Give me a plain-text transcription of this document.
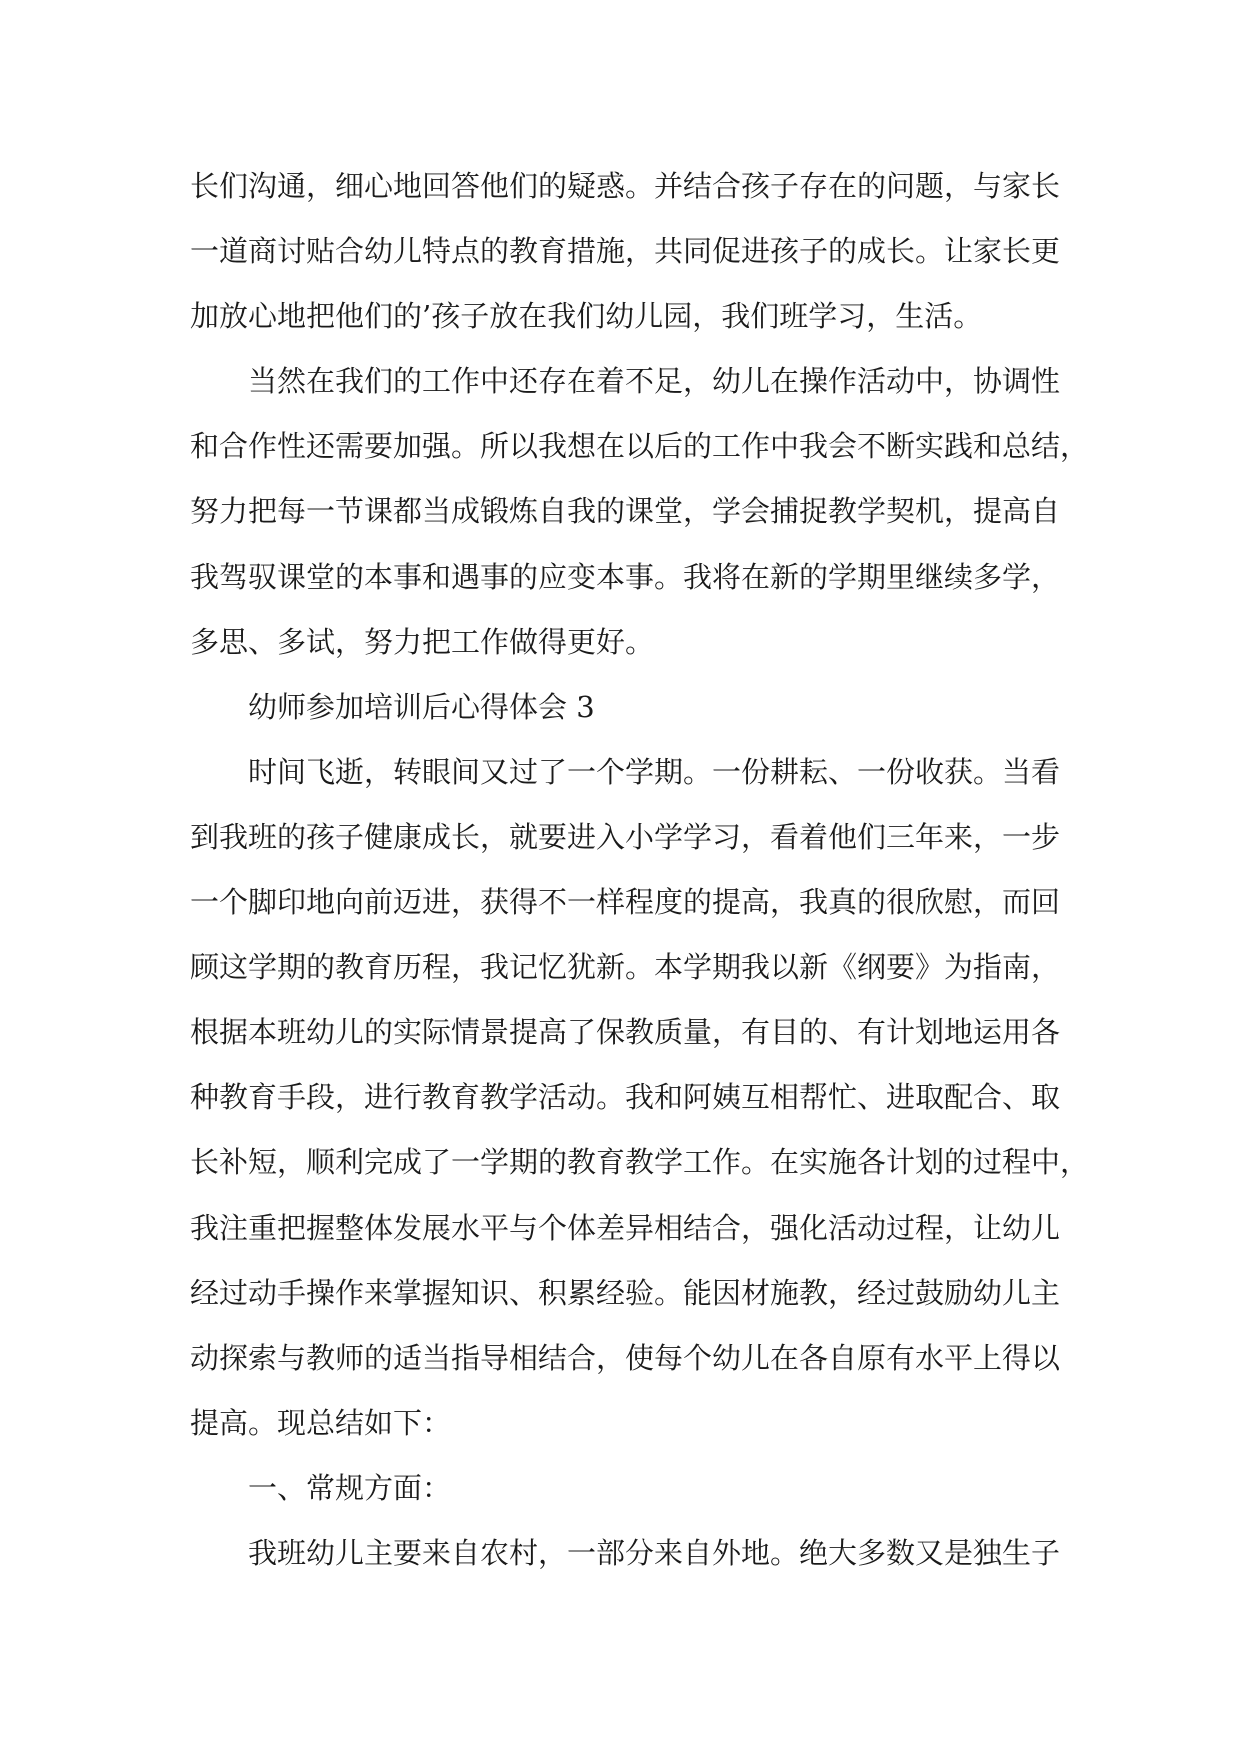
长们沟通，细心地回答他们的疑惑。并结合孩子存在的问题，与家长

一道商讨贴合幼儿特点的教育措施，共同促进孩子的成长。让家长更

加放心地把他们的’孩子放在我们幼儿园，我们班学习，生活。

当然在我们的工作中还存在着不足，幼儿在操作活动中，协调性

和合作性还需要加强。所以我想在以后的工作中我会不断实践和总结，

努力把每一节课都当成锻炼自我的课堂，学会捕捉教学契机，提高自

我驾驭课堂的本事和遇事的应变本事。我将在新的学期里继续多学，

多思、多试，努力把工作做得更好。

幼师参加培训后心得体会 3

时间飞逝，转眼间又过了一个学期。一份耕耘、一份收获。当看

到我班的孩子健康成长，就要进入小学学习，看着他们三年来，一步

一个脚印地向前迈进，获得不一样程度的提高，我真的很欣慰，而回

顾这学期的教育历程，我记忆犹新。本学期我以新《纲要》为指南，

根据本班幼儿的实际情景提高了保教质量，有目的、有计划地运用各

种教育手段，进行教育教学活动。我和阿姨互相帮忙、进取配合、取

长补短，顺利完成了一学期的教育教学工作。在实施各计划的过程中，

我注重把握整体发展水平与个体差异相结合，强化活动过程，让幼儿

经过动手操作来掌握知识、积累经验。能因材施教，经过鼓励幼儿主

动探索与教师的适当指导相结合，使每个幼儿在各自原有水平上得以

提高。现总结如下：

一、常规方面：

我班幼儿主要来自农村，一部分来自外地。绝大多数又是独生子
